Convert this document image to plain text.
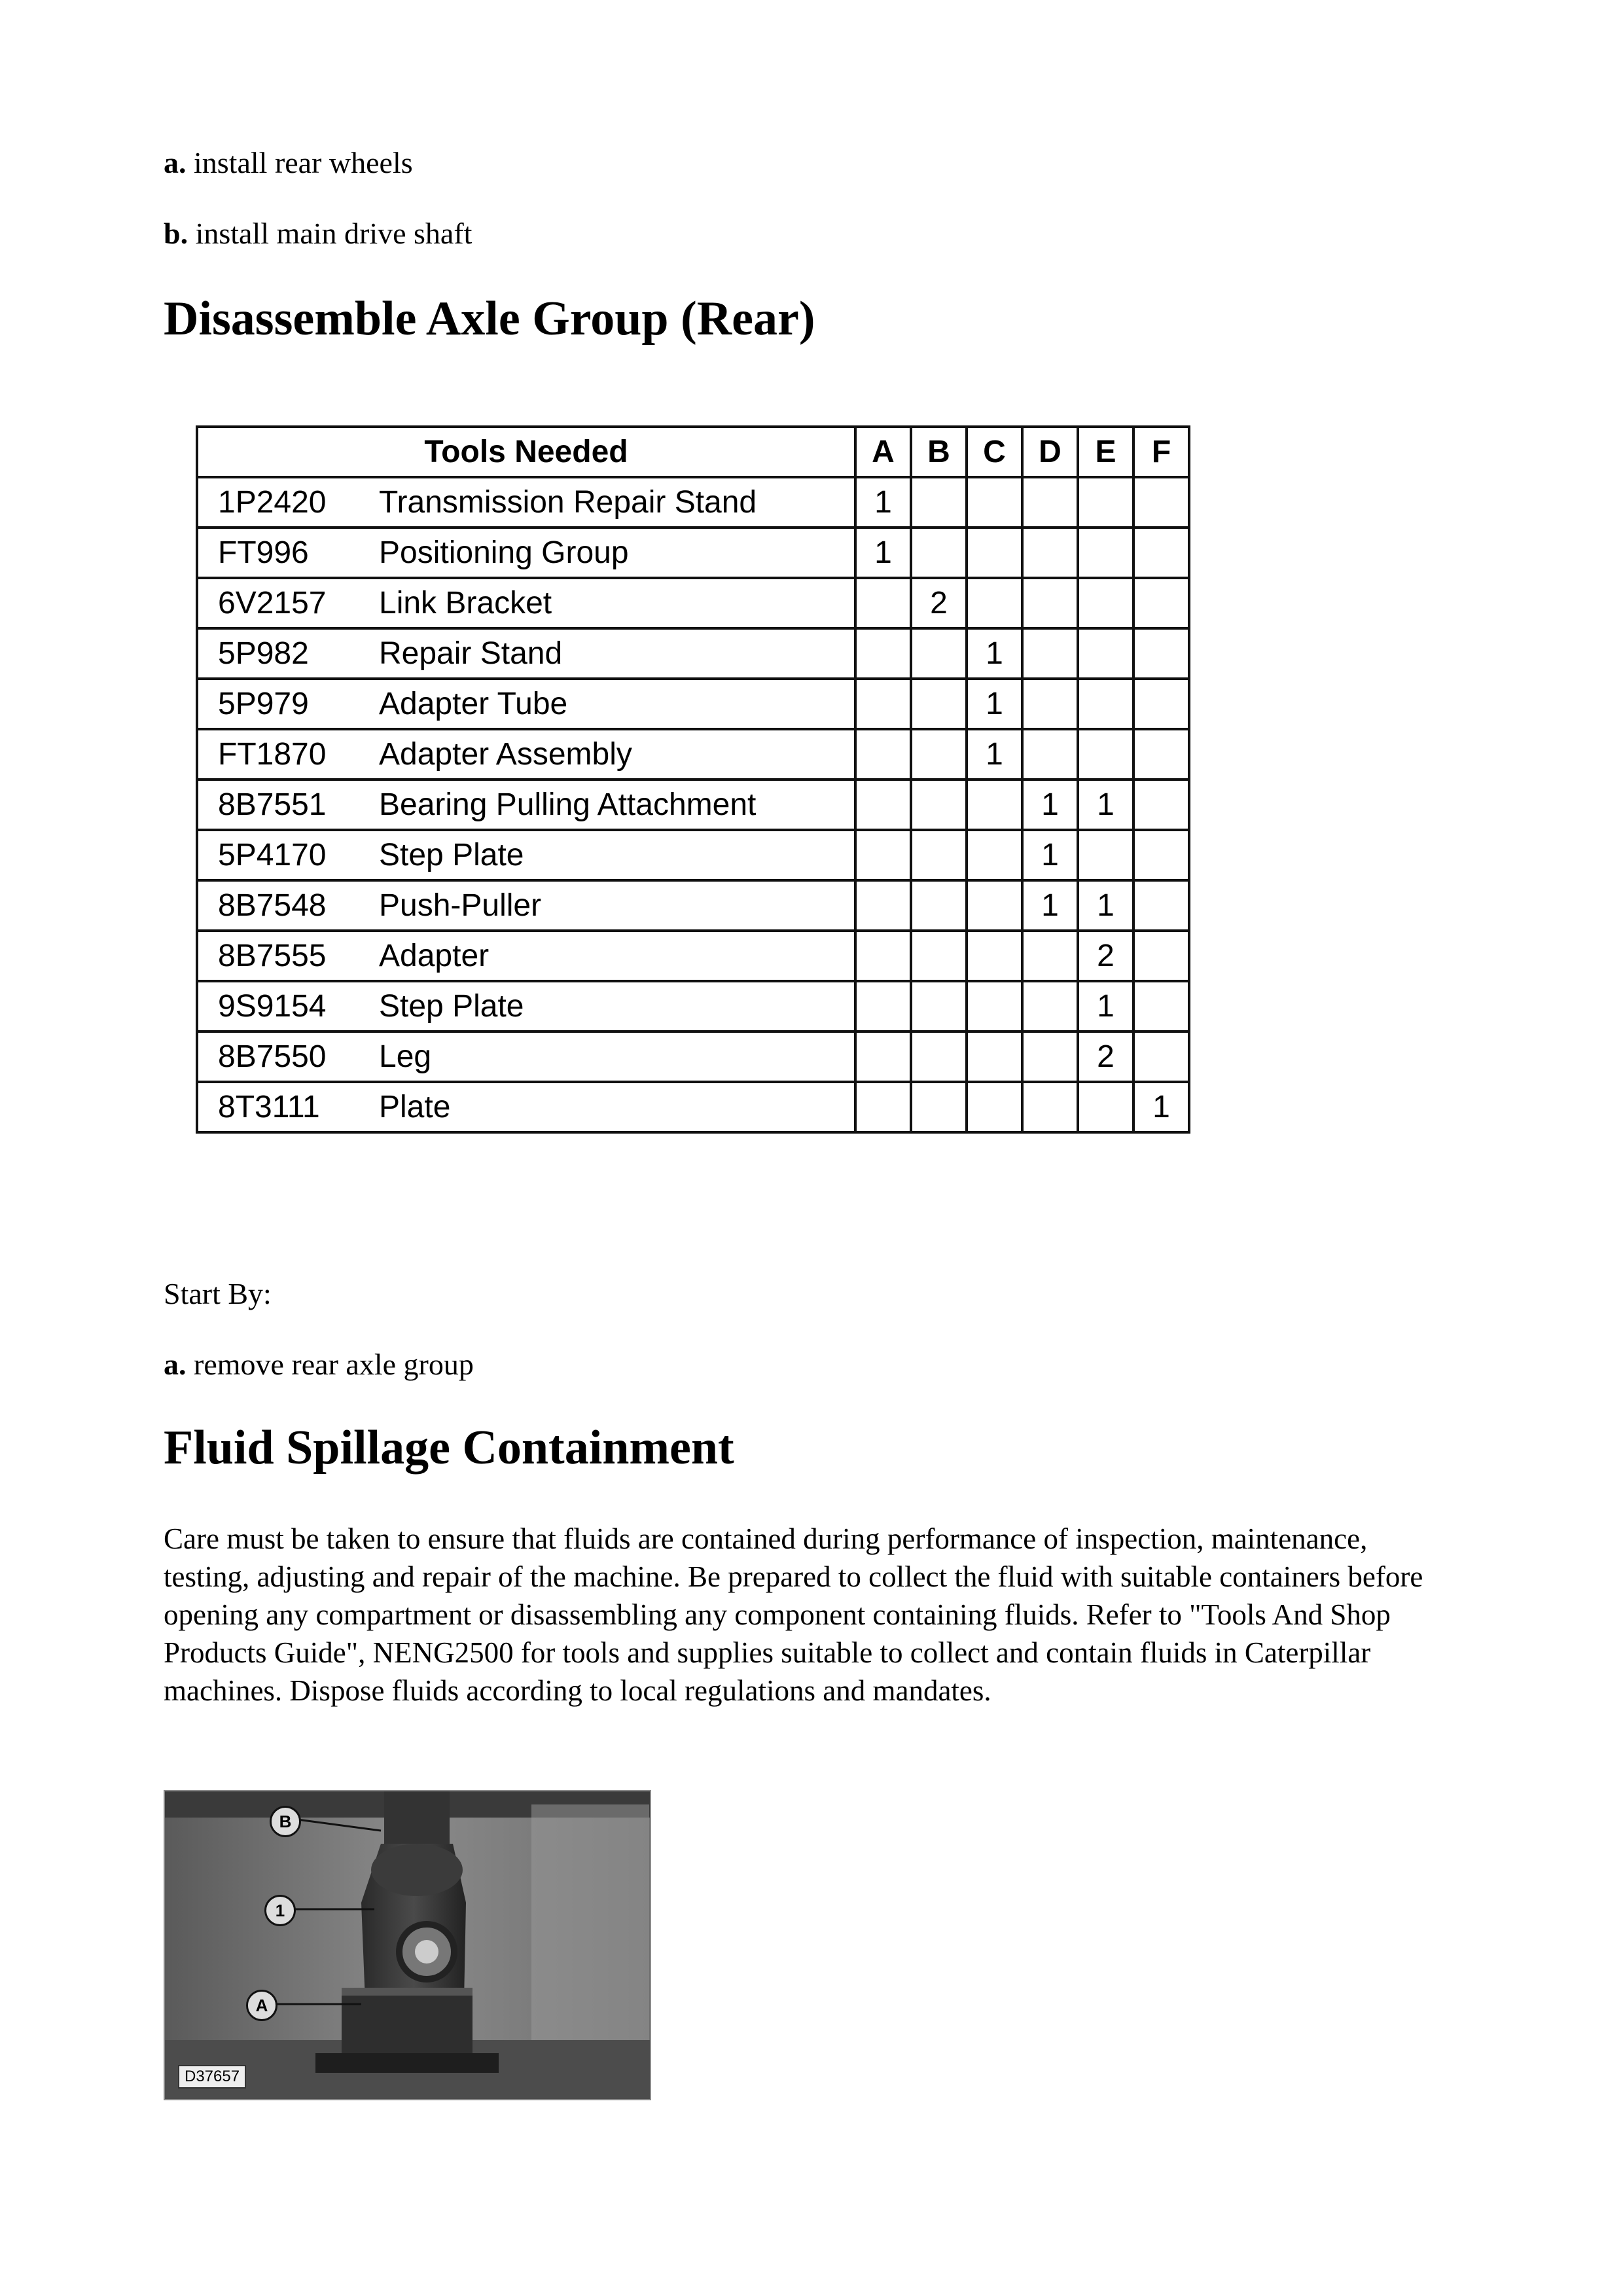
a. install rear wheels
b. install main drive shaft
Disassemble Axle Group (Rear)
Tools Needed		A	B	C	D	E	F
1P2420	Transmission Repair Stand	1					
FT996	Positioning Group	1					
6V2157	Link Bracket		2				
5P982	Repair Stand			1			
5P979	Adapter Tube			1			
FT1870	Adapter Assembly			1			
8B7551	Bearing Pulling Attachment				1	1	
5P4170	Step Plate				1		
8B7548	Push-Puller				1	1	
8B7555	Adapter					2	
9S9154	Step Plate					1	
8B7550	Leg					2	
8T3111	Plate						1
Start By:
a. remove rear axle group
Fluid Spillage Containment

Care must be taken to ensure that fluids are contained during performance of inspection, maintenance, testing, adjusting and repair of the machine. Be prepared to collect the fluid with suitable containers before opening any compartment or disassembling any component containing fluids. Refer to "Tools And Shop Products Guide", NENG2500 for tools and supplies suitable to collect and contain fluids in Caterpillar machines. Dispose fluids according to local regulations and mandates.

B
1
A
D37657
